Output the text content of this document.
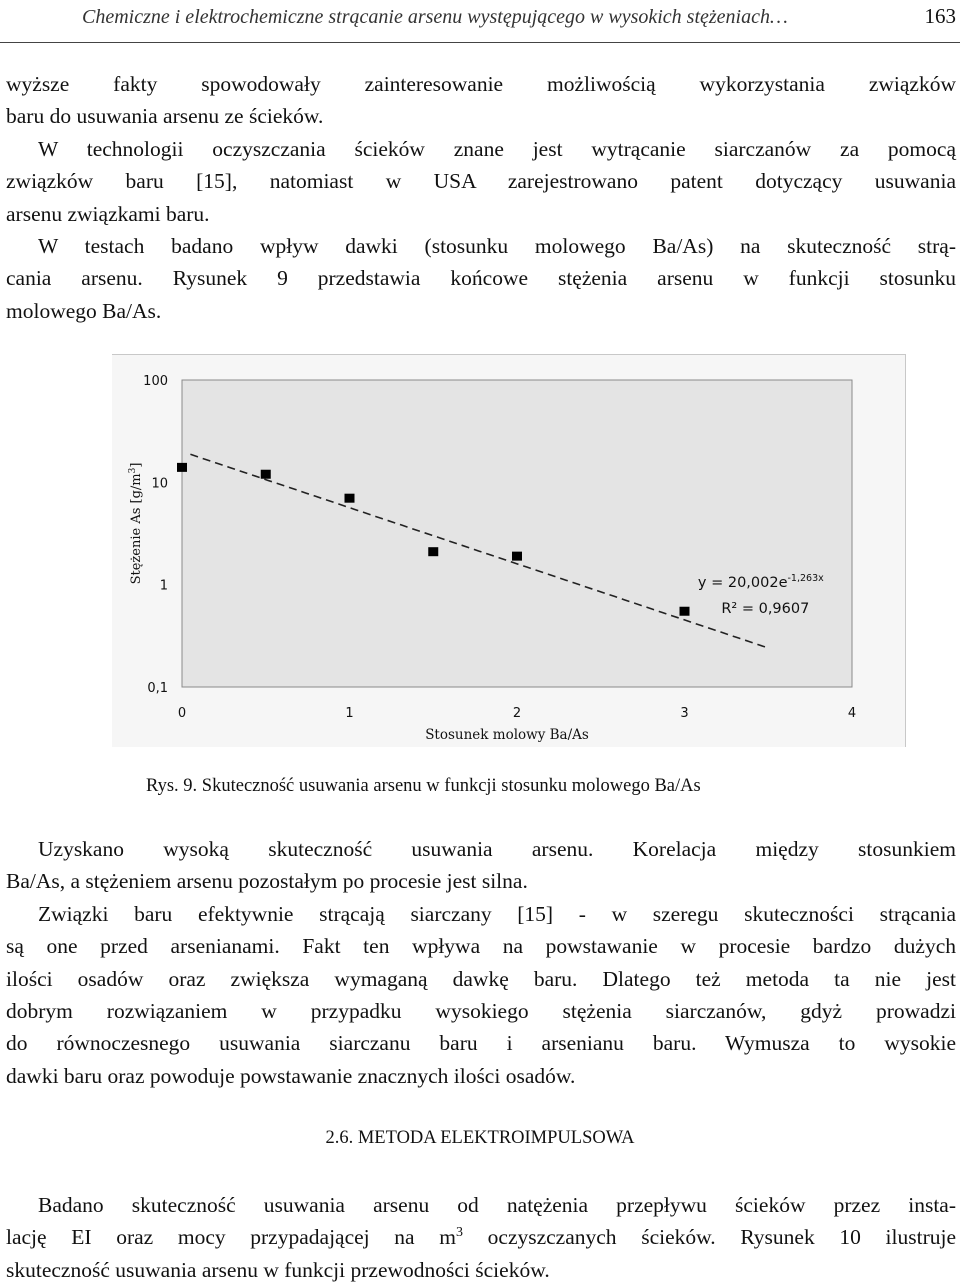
Chemiczne i elektrochemiczne strącanie arsenu występującego w wysokich stężeniach…	163
wyższe fakty spowodowały zainteresowanie możliwością wykorzystania związków
baru do usuwania arsenu ze ścieków.
W technologii oczyszczania ścieków znane jest wytrącanie siarczanów za pomocą
związków baru [15], natomiast w USA zarejestrowano patent dotyczący usuwania
arsenu związkami baru.
W testach badano wpływ dawki (stosunku molowego Ba/As) na skuteczność strą-
cania arsenu. Rysunek 9 przedstawia końcowe stężenia arsenu w funkcji stosunku
molowego Ba/As.
100
10
1
0,1
0	1	2	3	4
Stosunek molowy Ba/As
Stężenie As $[g/m^3]$
$y = 20,002e^{-1,263x}$
R² = 0,9607
Rys. 9. Skuteczność usuwania arsenu w funkcji stosunku molowego Ba/As
Uzyskano wysoką skuteczność usuwania arsenu. Korelacja między stosunkiem
Ba/As, a stężeniem arsenu pozostałym po procesie jest silna.
Związki baru efektywnie strącają siarczany [15] - w szeregu skuteczności strącania
są one przed arsenianami. Fakt ten wpływa na powstawanie w procesie bardzo dużych
ilości osadów oraz zwiększa wymaganą dawkę baru. Dlatego też metoda ta nie jest
dobrym rozwiązaniem w przypadku wysokiego stężenia siarczanów, gdyż prowadzi
do równoczesnego usuwania siarczanu baru i arsenianu baru. Wymusza to wysokie
dawki baru oraz powoduje powstawanie znacznych ilości osadów.
2.6. METODA ELEKTROIMPULSOWA
Badano skuteczność usuwania arsenu od natężenia przepływu ścieków przez insta-
lację EI oraz mocy przypadającej na $m^3$ oczyszczanych ścieków. Rysunek 10 ilustruje
skuteczność usuwania arsenu w funkcji przewodności ścieków.
